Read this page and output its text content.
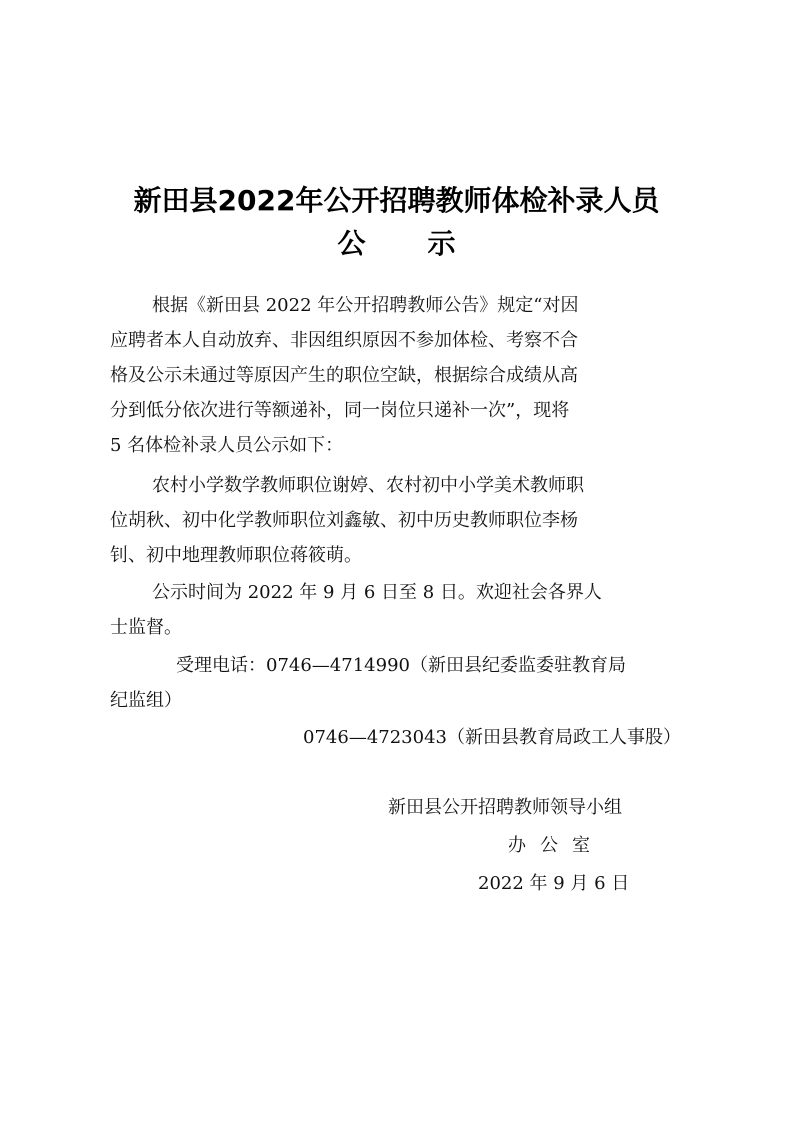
新田县2022年公开招聘教师体检补录人员
公 示
根据《新田县 2022 年公开招聘教师公告》规定“对因
应聘者本人自动放弃、非因组织原因不参加体检、考察不合
格及公示未通过等原因产生的职位空缺，根据综合成绩从高
分到低分依次进行等额递补，同一岗位只递补一次”，现将
5 名体检补录人员公示如下：
农村小学数学教师职位谢婷、农村初中小学美术教师职
位胡秋、初中化学教师职位刘鑫敏、初中历史教师职位李杨
钊、初中地理教师职位蒋筱萌。
公示时间为 2022 年 9 月 6 日至 8 日。欢迎社会各界人
士监督。
受理电话：0746—4714990（新田县纪委监委驻教育局
纪监组）
0746—4723043（新田县教育局政工人事股）
新田县公开招聘教师领导小组
办 公 室
2022 年 9 月 6 日
